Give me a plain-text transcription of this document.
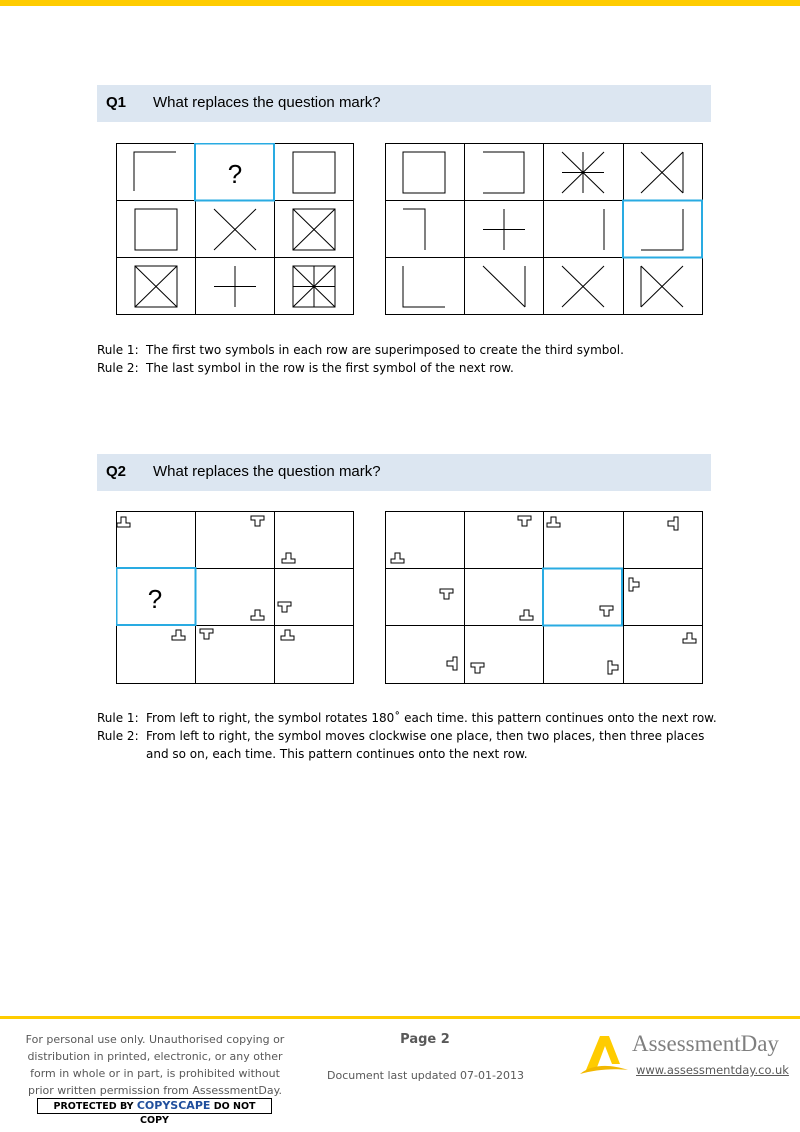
Q1 What replaces the question mark?
?
Rule 1: The first two symbols in each row are superimposed to create the third symbol.
Rule 2: The last symbol in the row is the first symbol of the next row.
Q2 What replaces the question mark?
?
Rule 1: From left to right, the symbol rotates 180˚ each time. this pattern continues onto the next row.
Rule 2: From left to right, the symbol moves clockwise one place, then two places, then three places and so on, each time. This pattern continues onto the next row.
For personal use only. Unauthorised copying or distribution in printed, electronic, or any other form in whole or in part, is prohibited without prior written permission from AssessmentDay.
PROTECTED BY COPYSCAPE DO NOT COPY
Page 2
Document last updated 07-01-2013
AssessmentDay
www.assessmentday.co.uk
